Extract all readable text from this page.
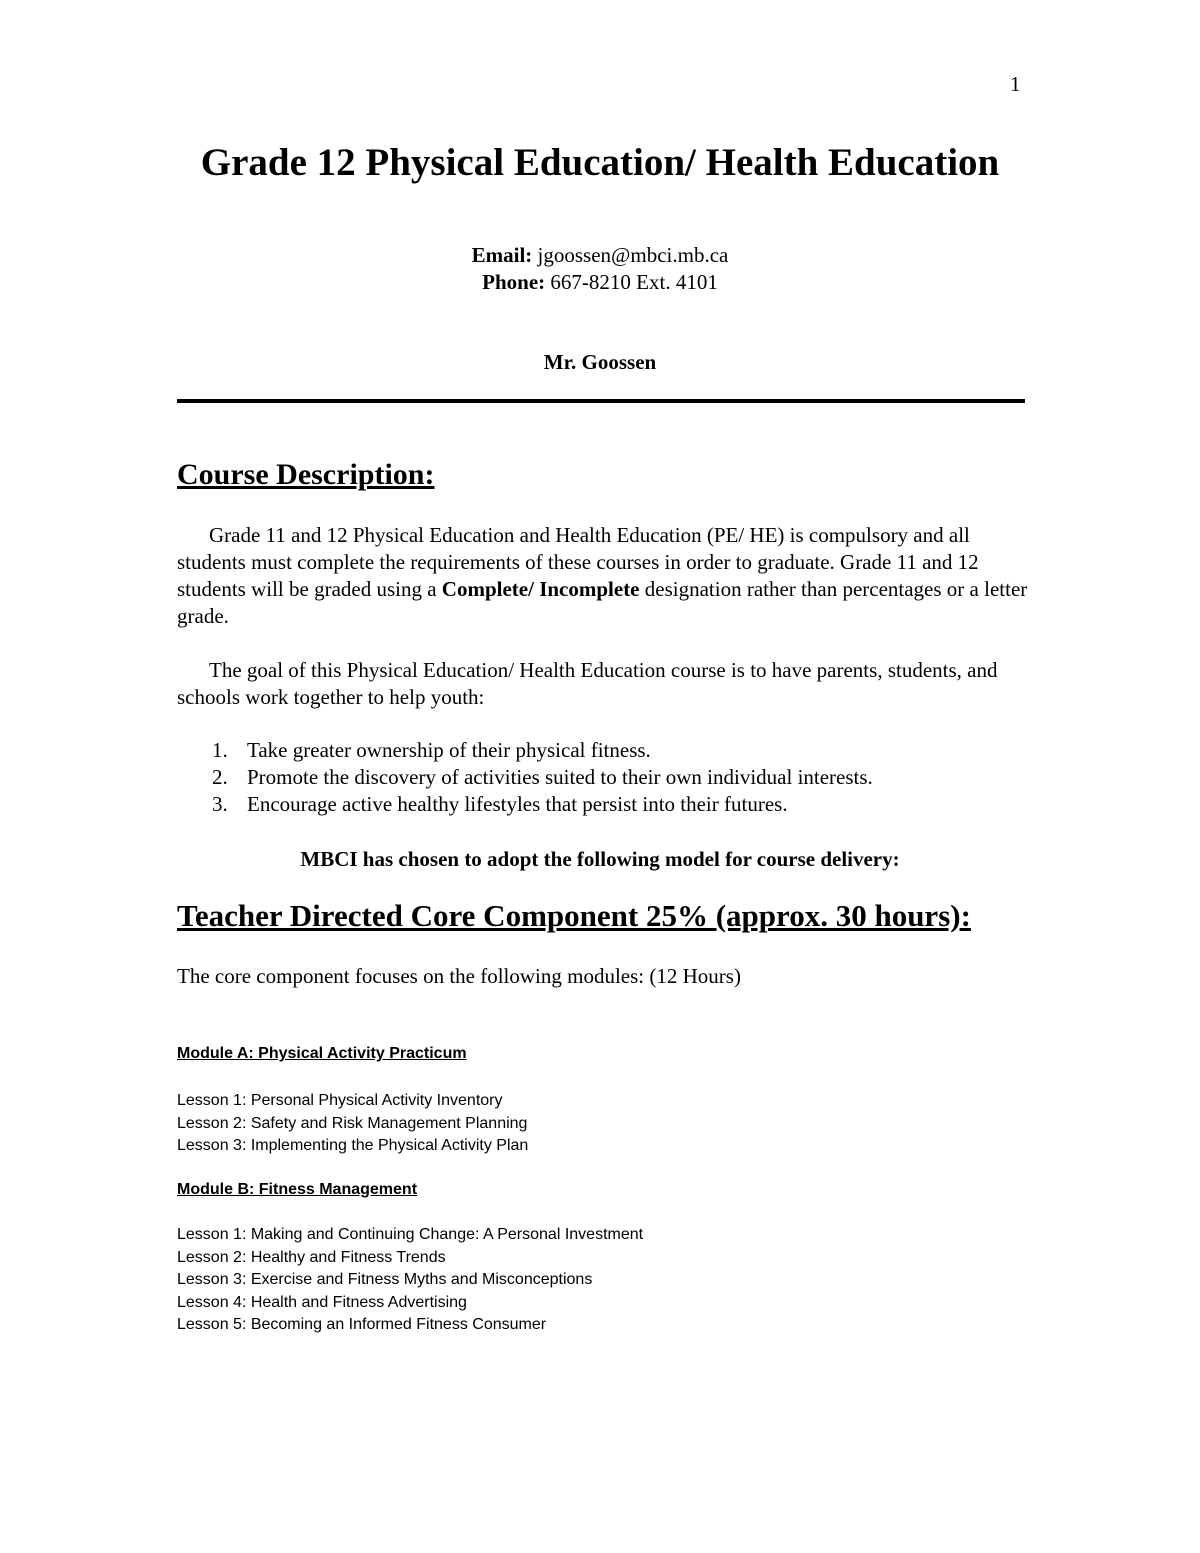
1
Grade 12 Physical Education/ Health Education
Email: jgoossen@mbci.mb.ca
Phone: 667-8210 Ext. 4101
Mr. Goossen
Course Description:
Grade 11 and 12 Physical Education and Health Education (PE/ HE) is compulsory and all students must complete the requirements of these courses in order to graduate. Grade 11 and 12 students will be graded using a Complete/ Incomplete designation rather than percentages or a letter grade.
The goal of this Physical Education/ Health Education course is to have parents, students, and schools work together to help youth:
1. Take greater ownership of their physical fitness.
2. Promote the discovery of activities suited to their own individual interests.
3. Encourage active healthy lifestyles that persist into their futures.
MBCI has chosen to adopt the following model for course delivery:
Teacher Directed Core Component 25% (approx. 30 hours):
The core component focuses on the following modules: (12 Hours)
Module A: Physical Activity Practicum
Lesson 1: Personal Physical Activity Inventory
Lesson 2: Safety and Risk Management Planning
Lesson 3: Implementing the Physical Activity Plan
Module B: Fitness Management
Lesson 1: Making and Continuing Change: A Personal Investment
Lesson 2: Healthy and Fitness Trends
Lesson 3: Exercise and Fitness Myths and Misconceptions
Lesson 4: Health and Fitness Advertising
Lesson 5: Becoming an Informed Fitness Consumer
